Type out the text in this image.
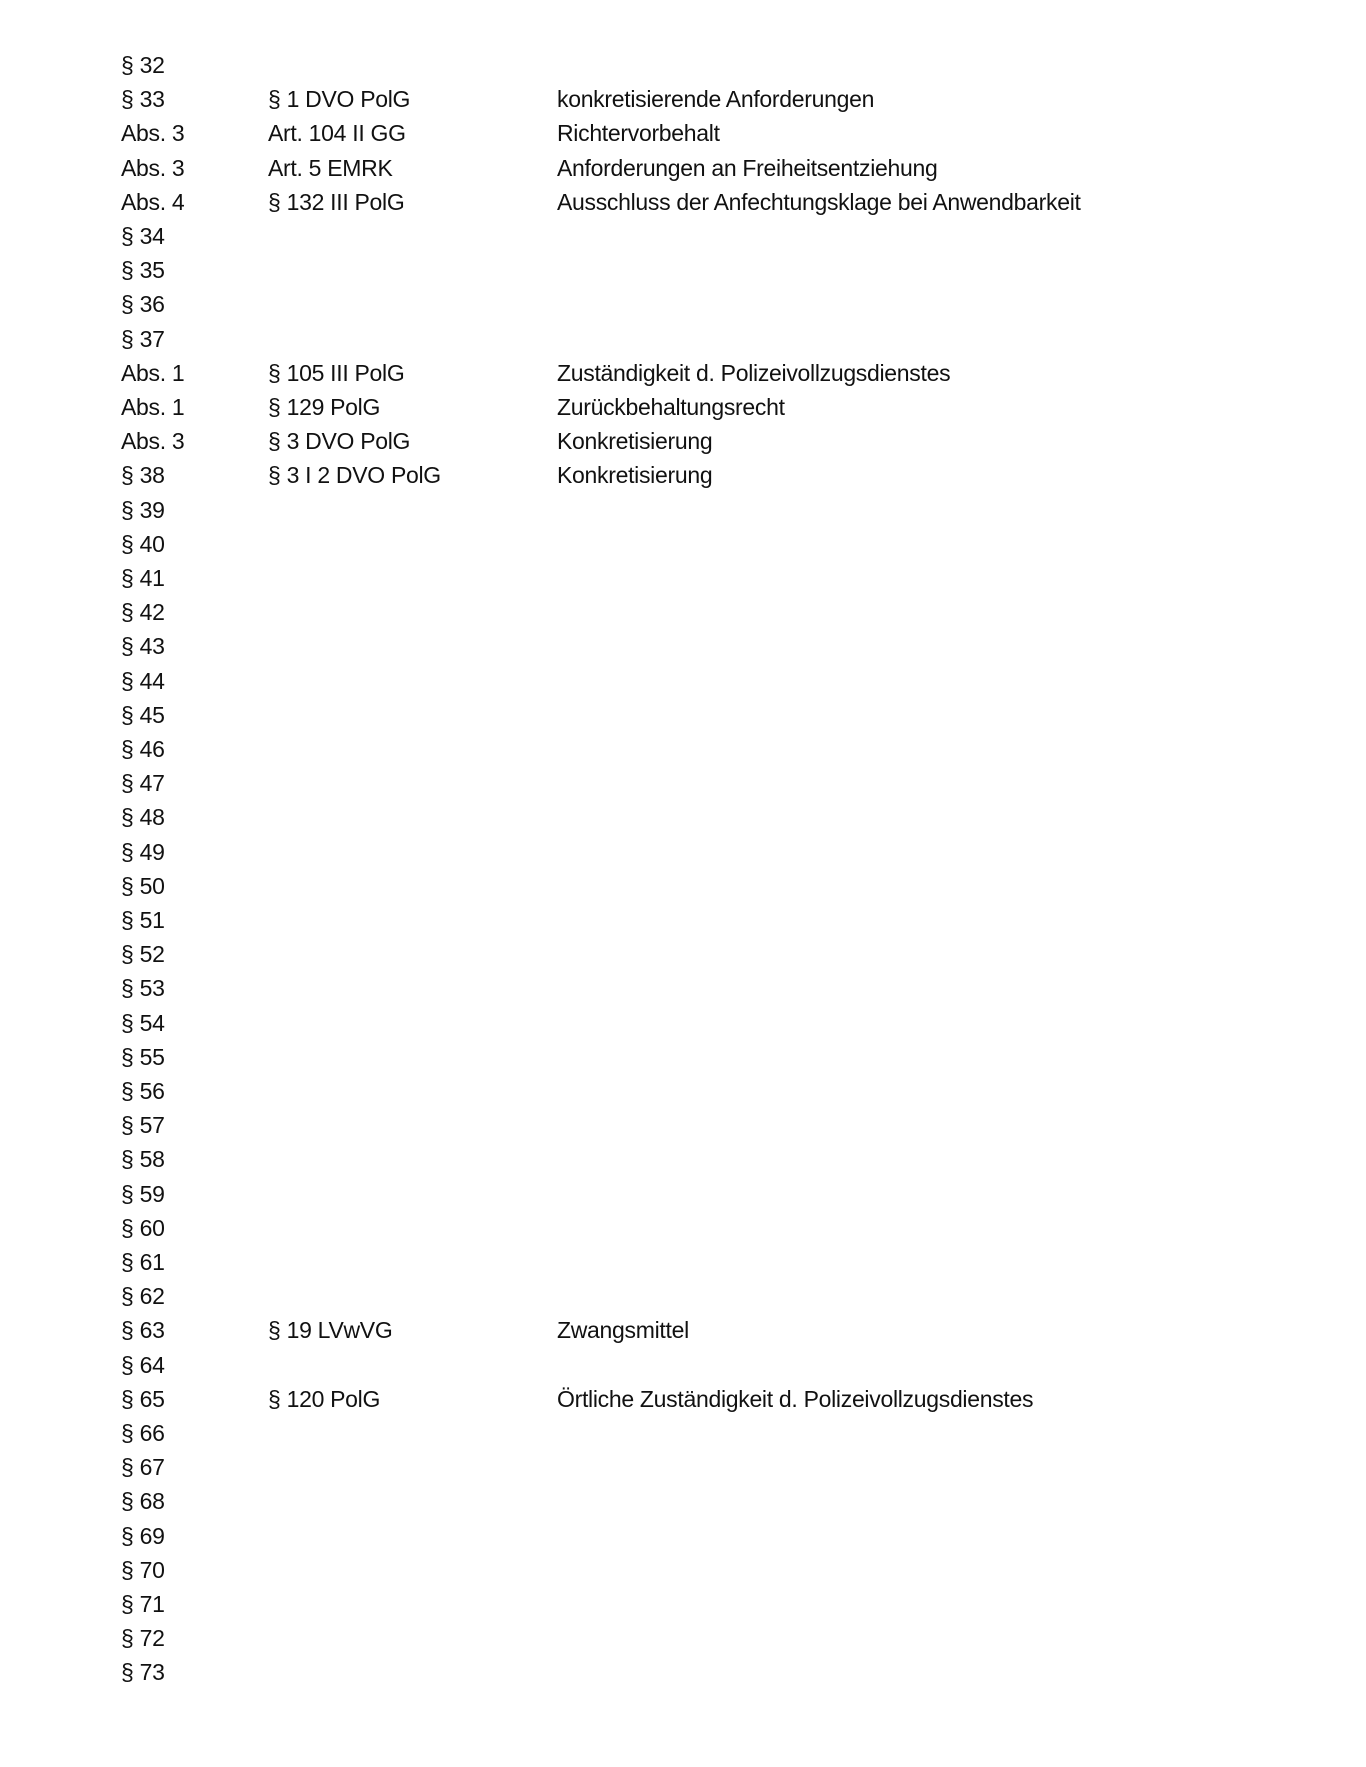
§ 32
§ 33	§ 1 DVO PolG	konkretisierende Anforderungen
Abs. 3	Art. 104 II GG	Richtervorbehalt
Abs. 3	Art. 5 EMRK	Anforderungen an Freiheitsentziehung
Abs. 4	§ 132 III PolG	Ausschluss der Anfechtungsklage bei Anwendbarkeit
§ 34
§ 35
§ 36
§ 37
Abs. 1	§ 105 III PolG	Zuständigkeit d. Polizeivollzugsdienstes
Abs. 1	§ 129 PolG	Zurückbehaltungsrecht
Abs. 3	§ 3 DVO PolG	Konkretisierung
§ 38	§ 3 I 2 DVO PolG	Konkretisierung
§ 39
§ 40
§ 41
§ 42
§ 43
§ 44
§ 45
§ 46
§ 47
§ 48
§ 49
§ 50
§ 51
§ 52
§ 53
§ 54
§ 55
§ 56
§ 57
§ 58
§ 59
§ 60
§ 61
§ 62
§ 63	§ 19 LVwVG	Zwangsmittel
§ 64
§ 65	§ 120 PolG	Örtliche Zuständigkeit d. Polizeivollzugsdienstes
§ 66
§ 67
§ 68
§ 69
§ 70
§ 71
§ 72
§ 73
